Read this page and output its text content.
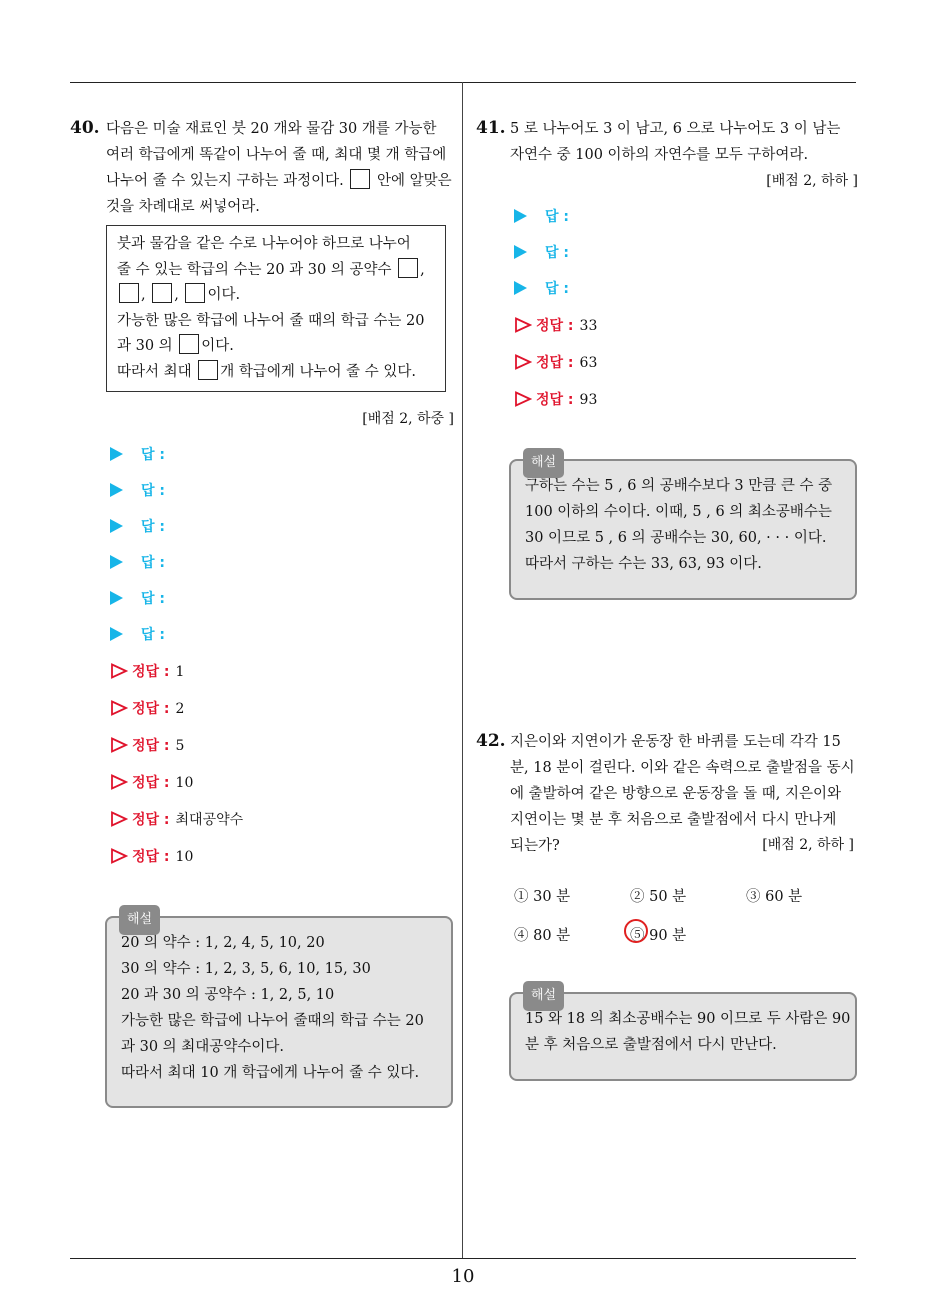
40. 다음은 미술 재료인 붓 20 개와 물감 30 개를 가능한
여러 학급에게 똑같이 나누어 줄 때, 최대 몇 개 학급에
나누어 줄 수 있는지 구하는 과정이다. 안에 알맞은
것을 차례대로 써넣어라.
붓과 물감을 같은 수로 나누어야 하므로 나누어
줄 수 있는 학급의 수는 20 과 30 의 공약수 ,
, , 이다.
가능한 많은 학급에 나누어 줄 때의 학급 수는 20
과 30 의 이다.
따라서 최대 개 학급에게 나누어 줄 수 있다.
[배점 2, 하중 ]
답 :
답 :
답 :
답 :
답 :
답 :
정답 : 1
정답 : 2
정답 : 5
정답 : 10
정답 : 최대공약수
정답 : 10
해설
20 의 약수 : 1, 2, 4, 5, 10, 20
30 의 약수 : 1, 2, 3, 5, 6, 10, 15, 30
20 과 30 의 공약수 : 1, 2, 5, 10
가능한 많은 학급에 나누어 줄때의 학급 수는 20
과 30 의 최대공약수이다.
따라서 최대 10 개 학급에게 나누어 줄 수 있다.
41. 5 로 나누어도 3 이 남고, 6 으로 나누어도 3 이 남는
자연수 중 100 이하의 자연수를 모두 구하여라.
[배점 2, 하하 ]
답 :
답 :
답 :
정답 : 33
정답 : 63
정답 : 93
해설
구하는 수는 5 , 6 의 공배수보다 3 만큼 큰 수 중
100 이하의 수이다. 이때, 5 , 6 의 최소공배수는
30 이므로 5 , 6 의 공배수는 30, 60, · · · 이다.
따라서 구하는 수는 33, 63, 93 이다.
42. 지은이와 지연이가 운동장 한 바퀴를 도는데 각각 15
분, 18 분이 걸린다. 이와 같은 속력으로 출발점을 동시
에 출발하여 같은 방향으로 운동장을 돌 때, 지은이와
지연이는 몇 분 후 처음으로 출발점에서 다시 만나게
되는가?	[배점 2, 하하 ]
① 30 분	② 50 분	③ 60 분
④ 80 분	⑤ 90 분
해설
15 와 18 의 최소공배수는 90 이므로 두 사람은 90
분 후 처음으로 출발점에서 다시 만난다.
10
